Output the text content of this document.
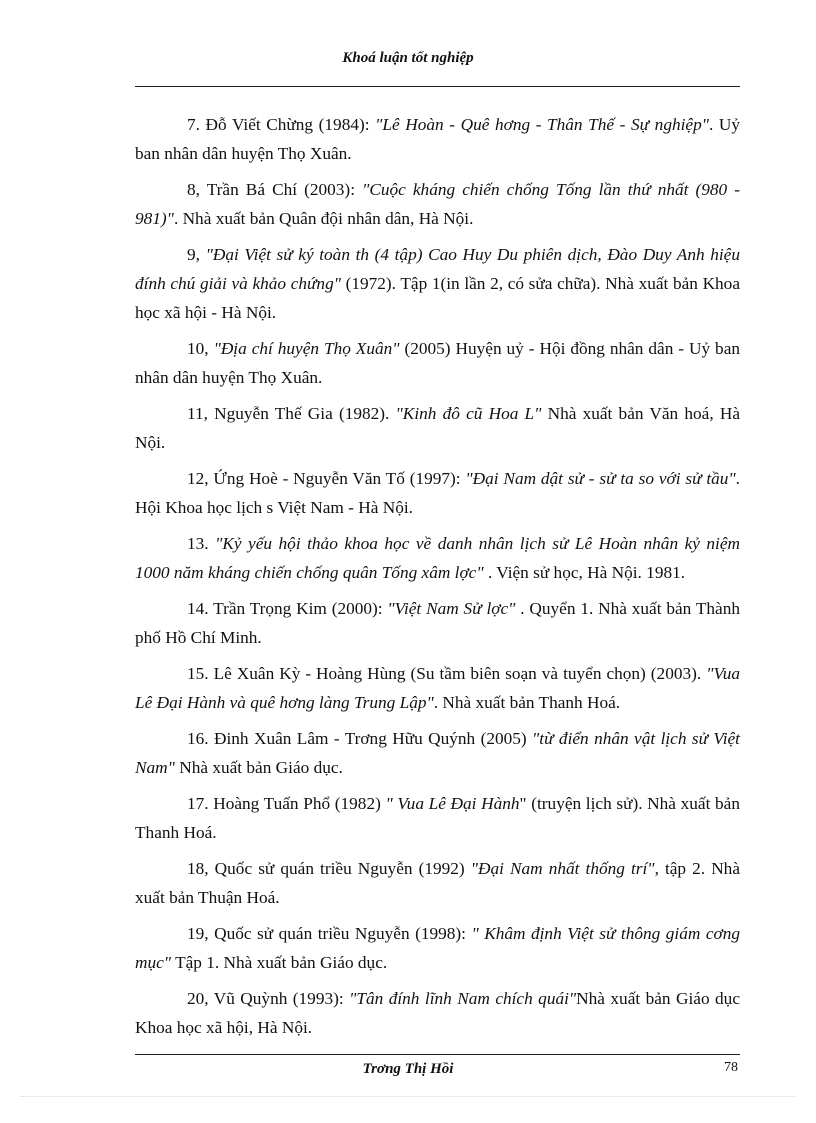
Khoá luận tốt nghiệp

7. Đỗ Viết Chừng (1984): "Lê Hoàn - Quê hơng - Thân Thế - Sự nghiệp". Uỷ ban nhân dân huyện Thọ Xuân.

8, Trần Bá Chí (2003): "Cuộc kháng chiến chống Tống lần thứ nhất (980 - 981)". Nhà xuất bản Quân đội nhân dân, Hà Nội.

9, "Đại Việt sử ký toàn th (4 tập) Cao Huy Du phiên dịch, Đào Duy Anh hiệu đính chú giải và khảo chứng" (1972). Tập 1(in lần 2, có sửa chữa). Nhà xuất bản Khoa học xã hội - Hà Nội.

10, "Địa chí huyện Thọ Xuân" (2005) Huyện uỷ - Hội đồng nhân dân - Uỷ ban nhân dân huyện Thọ Xuân.

11, Nguyễn Thế Gia (1982). "Kinh đô cũ Hoa L" Nhà xuất bản Văn hoá, Hà Nội.

12, Ứng Hoè - Nguyễn Văn Tố (1997): "Đại Nam dật sử - sử ta so với sử tầu". Hội Khoa học lịch s Việt Nam - Hà Nội.

13. "Kỷ yếu hội thảo khoa học về danh nhân lịch sử Lê Hoàn nhân kỷ niệm 1000 năm kháng chiến chống quân Tống xâm lợc" . Viện sử học, Hà Nội. 1981.

14. Trần Trọng Kim (2000): "Việt Nam Sử lợc" . Quyển 1. Nhà xuất bản Thành phố Hồ Chí Minh.

15. Lê Xuân Kỳ - Hoàng Hùng (Su tầm biên soạn và tuyển chọn) (2003). "Vua Lê Đại Hành và quê hơng làng Trung Lập". Nhà xuất bản Thanh Hoá.

16. Đinh Xuân Lâm - Trơng Hữu Quýnh (2005) "từ điển nhân vật lịch sử Việt Nam" Nhà xuất bản Giáo dục.

17. Hoàng Tuấn Phổ (1982) " Vua Lê Đại Hành" (truyện lịch sử). Nhà xuất bản Thanh Hoá.

18, Quốc sử quán triều Nguyễn (1992) "Đại Nam nhất thống trí", tập 2. Nhà xuất bản Thuận Hoá.

19, Quốc sử quán triều Nguyễn (1998): " Khâm định Việt sử thông giám cơng mục" Tập 1. Nhà xuất bản Giáo dục.

20, Vũ Quỳnh (1993): "Tân đính lĩnh Nam chích quái"Nhà xuất bản Giáo dục Khoa học xã hội, Hà Nội.

Trơng Thị Hồi	78
